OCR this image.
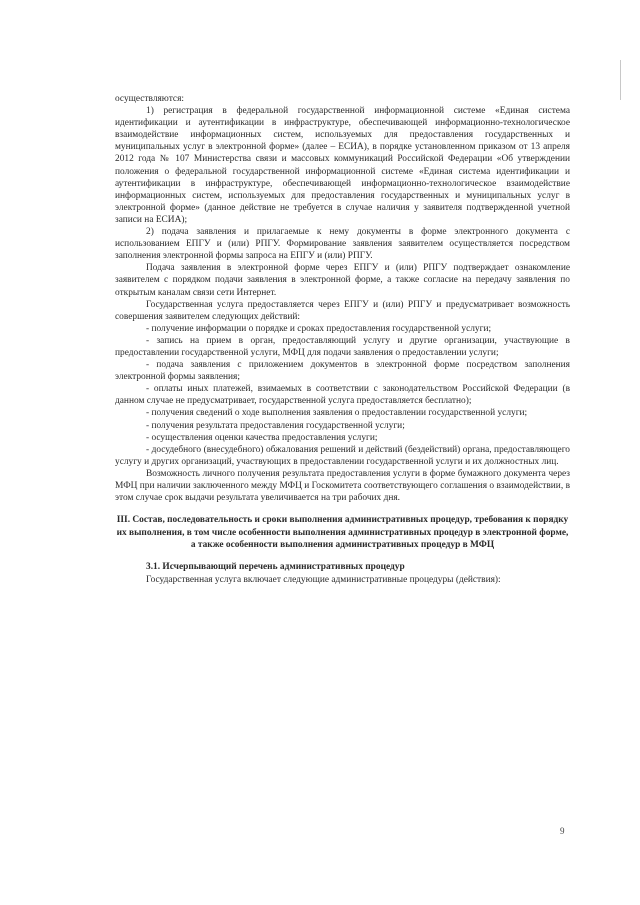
осуществляются:

1) регистрация в федеральной государственной информационной системе «Единая система идентификации и аутентификации в инфраструктуре, обеспечивающей информационно-технологическое взаимодействие информационных систем, используемых для предоставления государственных и муниципальных услуг в электронной форме» (далее – ЕСИА), в порядке установленном приказом от 13 апреля 2012 года № 107 Министерства связи и массовых коммуникаций Российской Федерации «Об утверждении положения о федеральной государственной информационной системе «Единая система идентификации и аутентификации в инфраструктуре, обеспечивающей информационно-технологическое взаимодействие информационных систем, используемых для предоставления государственных и муниципальных услуг в электронной форме» (данное действие не требуется в случае наличия у заявителя подтвержденной учетной записи на ЕСИА);

2) подача заявления и прилагаемые к нему документы в форме электронного документа с использованием ЕПГУ и (или) РПГУ. Формирование заявления заявителем осуществляется посредством заполнения электронной формы запроса на ЕПГУ и (или) РПГУ.

Подача заявления в электронной форме через ЕПГУ и (или) РПГУ подтверждает ознакомление заявителем с порядком подачи заявления в электронной форме, а также согласие на передачу заявления по открытым каналам связи сети Интернет.

Государственная услуга предоставляется через ЕПГУ и (или) РПГУ и предусматривает возможность совершения заявителем следующих действий:

- получение информации о порядке и сроках предоставления государственной услуги;

- запись на прием в орган, предоставляющий услугу и другие организации, участвующие в предоставлении государственной услуги, МФЦ для подачи заявления о предоставлении услуги;

- подача заявления с приложением документов в электронной форме посредством заполнения электронной формы заявления;

- оплаты иных платежей, взимаемых в соответствии с законодательством Российской Федерации (в данном случае не предусматривает, государственной услуга предоставляется бесплатно);

- получения сведений о ходе выполнения заявления о предоставлении государственной услуги;

- получения результата предоставления государственной услуги;

- осуществления оценки качества предоставления услуги;

- досудебного (внесудебного) обжалования решений и действий (бездействий) органа, предоставляющего услугу и других организаций, участвующих в предоставлении государственной услуги и их должностных лиц.

Возможность личного получения результата предоставления услуги в форме бумажного документа через МФЦ при наличии заключенного между МФЦ и Госкомитета соответствующего соглашения о взаимодействии, в этом случае срок выдачи результата увеличивается на три рабочих дня.

III. Состав, последовательность и сроки выполнения административных процедур, требования к порядку их выполнения, в том числе особенности выполнения административных процедур в электронной форме, а также особенности выполнения административных процедур в МФЦ

3.1. Исчерпывающий перечень административных процедур

Государственная услуга включает следующие административные процедуры (действия):

9
